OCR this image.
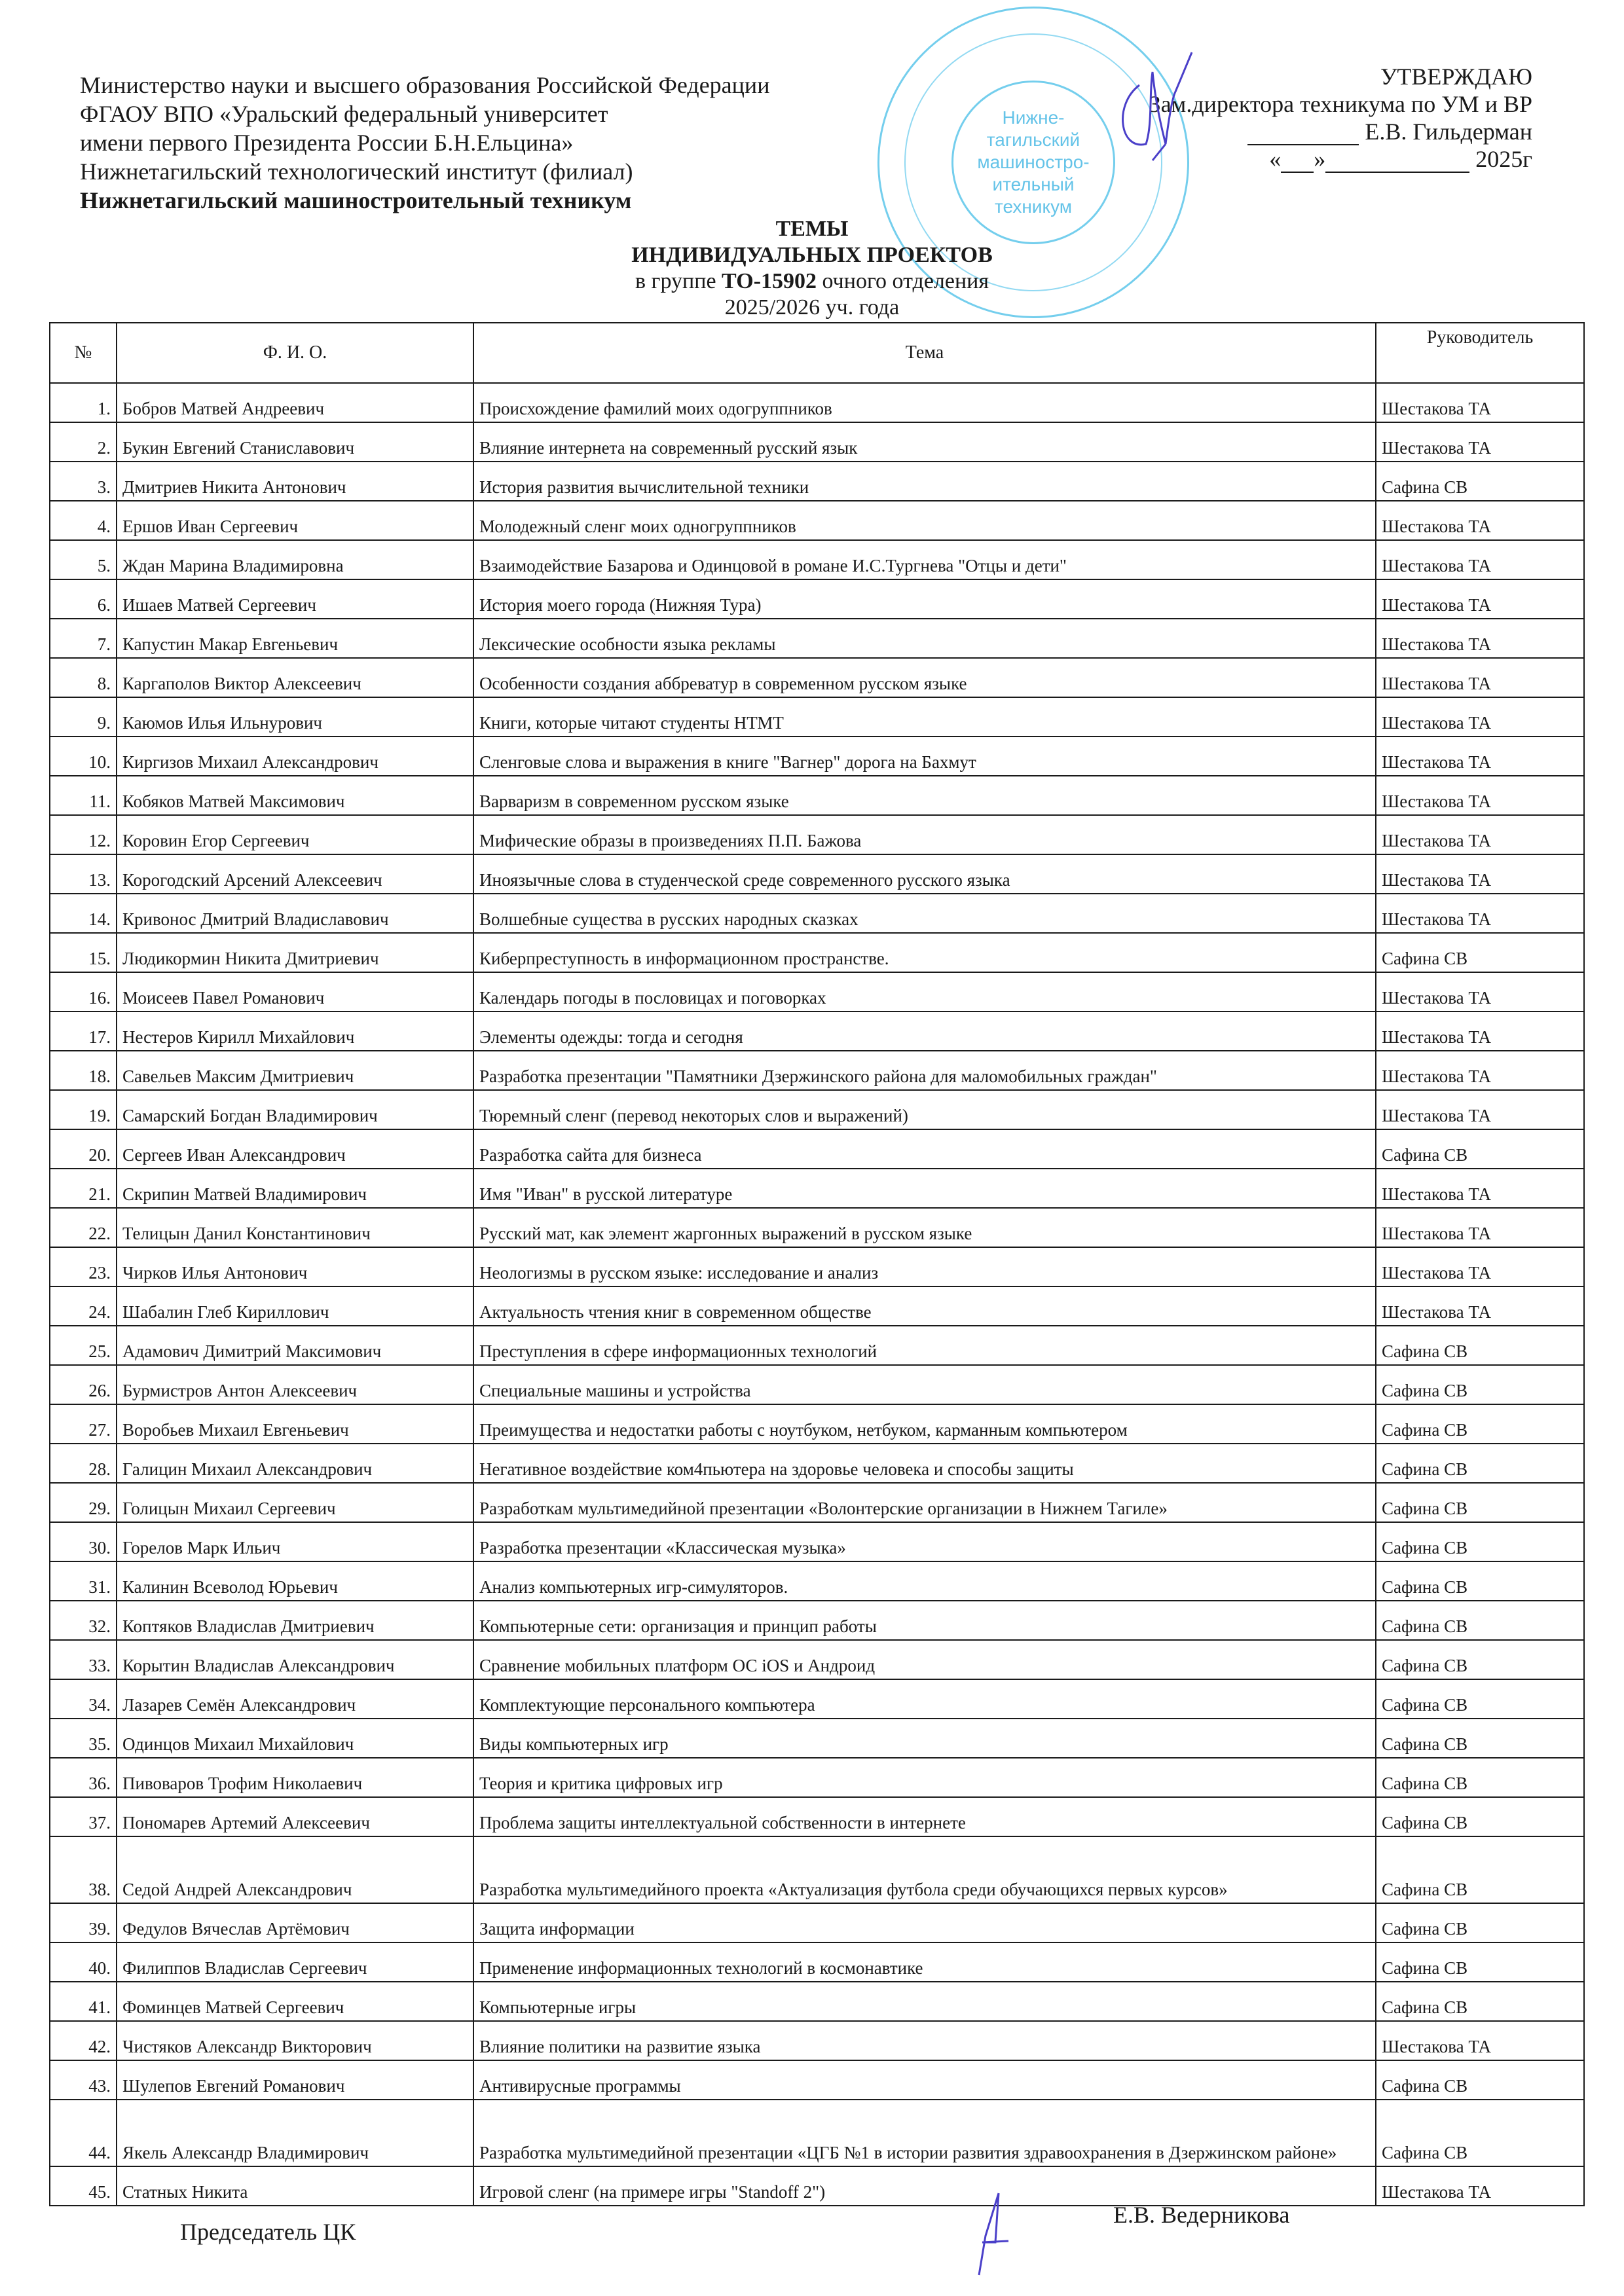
Министерство науки и высшего образования Российской Федерации
ФГАОУ ВПО «Уральский федеральный университет
имени первого Президента России Б.Н.Ельцина»
Нижнетагильский технологический институт (филиал)
Нижнетагильский машиностроительный техникум
Нижне-
тагильский
машиностро-
ительный
техникум
УТВЕРЖДАЮ
Зам.директора техникума по УМ и ВР
Е.В. Гильдерман
« »	2025г
ТЕМЫ
ИНДИВИДУАЛЬНЫХ ПРОЕКТОВ
в группе ТО-15902 очного отделения
2025/2026 уч. года
№	Ф. И. О.	Тема	Руководитель
1.	Бобров Матвей Андреевич	Происхождение фамилий моих одогруппников	Шестакова ТА
2.	Букин Евгений Станиславович	Влияние интернета на современный русский язык	Шестакова ТА
3.	Дмитриев Никита Антонович	История развития вычислительной техники	Сафина СВ
4.	Ершов Иван Сергеевич	Молодежный сленг моих одногруппников	Шестакова ТА
5.	Ждан Марина Владимировна	Взаимодействие Базарова и Одинцовой в романе И.С.Тургнева "Отцы и дети"	Шестакова ТА
6.	Ишаев Матвей Сергеевич	История моего города (Нижняя Тура)	Шестакова ТА
7.	Капустин Макар Евгеньевич	Лексические особности языка рекламы	Шестакова ТА
8.	Каргаполов Виктор Алексеевич	Особенности создания аббреватур в современном русском языке	Шестакова ТА
9.	Каюмов Илья Ильнурович	Книги, которые читают студенты НТМТ	Шестакова ТА
10.	Киргизов Михаил Александрович	Сленговые слова и выражения в книге "Вагнер" дорога на Бахмут	Шестакова ТА
11.	Кобяков Матвей Максимович	Варваризм в современном русском языке	Шестакова ТА
12.	Коровин Егор Сергеевич	Мифические образы в произведениях П.П. Бажова	Шестакова ТА
13.	Корогодский Арсений Алексеевич	Иноязычные слова в студенческой среде современного русского языка	Шестакова ТА
14.	Кривонос Дмитрий Владиславович	Волшебные существа в русских народных сказках	Шестакова ТА
15.	Людикормин Никита Дмитриевич	Киберпреступность в информационном пространстве.	Сафина СВ
16.	Моисеев Павел Романович	Календарь погоды в пословицах и поговорках	Шестакова ТА
17.	Нестеров Кирилл Михайлович	Элементы одежды: тогда и сегодня	Шестакова ТА
18.	Савельев Максим Дмитриевич	Разработка презентации "Памятники Дзержинского района для маломобильных граждан"	Шестакова ТА
19.	Самарский Богдан Владимирович	Тюремный сленг (перевод некоторых слов и выражений)	Шестакова ТА
20.	Сергеев Иван Александрович	Разработка сайта для бизнеса	Сафина СВ
21.	Скрипин Матвей Владимирович	Имя "Иван" в русской литературе	Шестакова ТА
22.	Телицын Данил Константинович	Русский мат, как элемент жаргонных выражений в русском языке	Шестакова ТА
23.	Чирков Илья Антонович	Неологизмы в русском языке: исследование и анализ	Шестакова ТА
24.	Шабалин Глеб Кириллович	Актуальность чтения книг в современном обществе	Шестакова ТА
25.	Адамович Димитрий Максимович	Преступления в сфере информационных технологий	Сафина СВ
26.	Бурмистров Антон Алексеевич	Специальные машины и устройства	Сафина СВ
27.	Воробьев Михаил Евгеньевич	Преимущества и недостатки работы с ноутбуком, нетбуком, карманным компьютером	Сафина СВ
28.	Галицин Михаил Александрович	Негативное воздействие ком4пьютера на здоровье человека и способы защиты	Сафина СВ
29.	Голицын Михаил Сергеевич	Разработкам мультимедийной презентации «Волонтерские организации в Нижнем Тагиле»	Сафина СВ
30.	Горелов Марк Ильич	Разработка презентации «Классическая музыка»	Сафина СВ
31.	Калинин Всеволод Юрьевич	Анализ компьютерных игр-симуляторов.	Сафина СВ
32.	Коптяков Владислав Дмитриевич	Компьютерные сети: организация и принцип работы	Сафина СВ
33.	Корытин Владислав Александрович	Сравнение мобильных платформ ОС iOS и Андроид	Сафина СВ
34.	Лазарев Семён Александрович	Комплектующие персонального компьютера	Сафина СВ
35.	Одинцов Михаил Михайлович	Виды компьютерных игр	Сафина СВ
36.	Пивоваров Трофим Николаевич	Теория и критика цифровых игр	Сафина СВ
37.	Пономарев Артемий Алексеевич	Проблема защиты интеллектуальной собственности в интернете	Сафина СВ
38.	Седой Андрей Александрович	Разработка мультимедийного проекта «Актуализация футбола среди обучающихся первых курсов»	Сафина СВ
39.	Федулов Вячеслав Артёмович	Защита информации	Сафина СВ
40.	Филиппов Владислав Сергеевич	Применение информационных технологий в космонавтике	Сафина СВ
41.	Фоминцев Матвей Сергеевич	Компьютерные игры	Сафина СВ
42.	Чистяков Александр Викторович	Влияние политики на развитие языка	Шестакова ТА
43.	Шулепов Евгений Романович	Антивирусные программы	Сафина СВ
44.	Якель Александр Владимирович	Разработка мультимедийной презентации «ЦГБ №1 в истории развития здравоохранения в Дзержинском районе»	Сафина СВ
45.	Статных Никита	Игровой сленг (на примере игры "Standoff 2")	Шестакова ТА
Председатель ЦК
Е.В. Ведерникова
